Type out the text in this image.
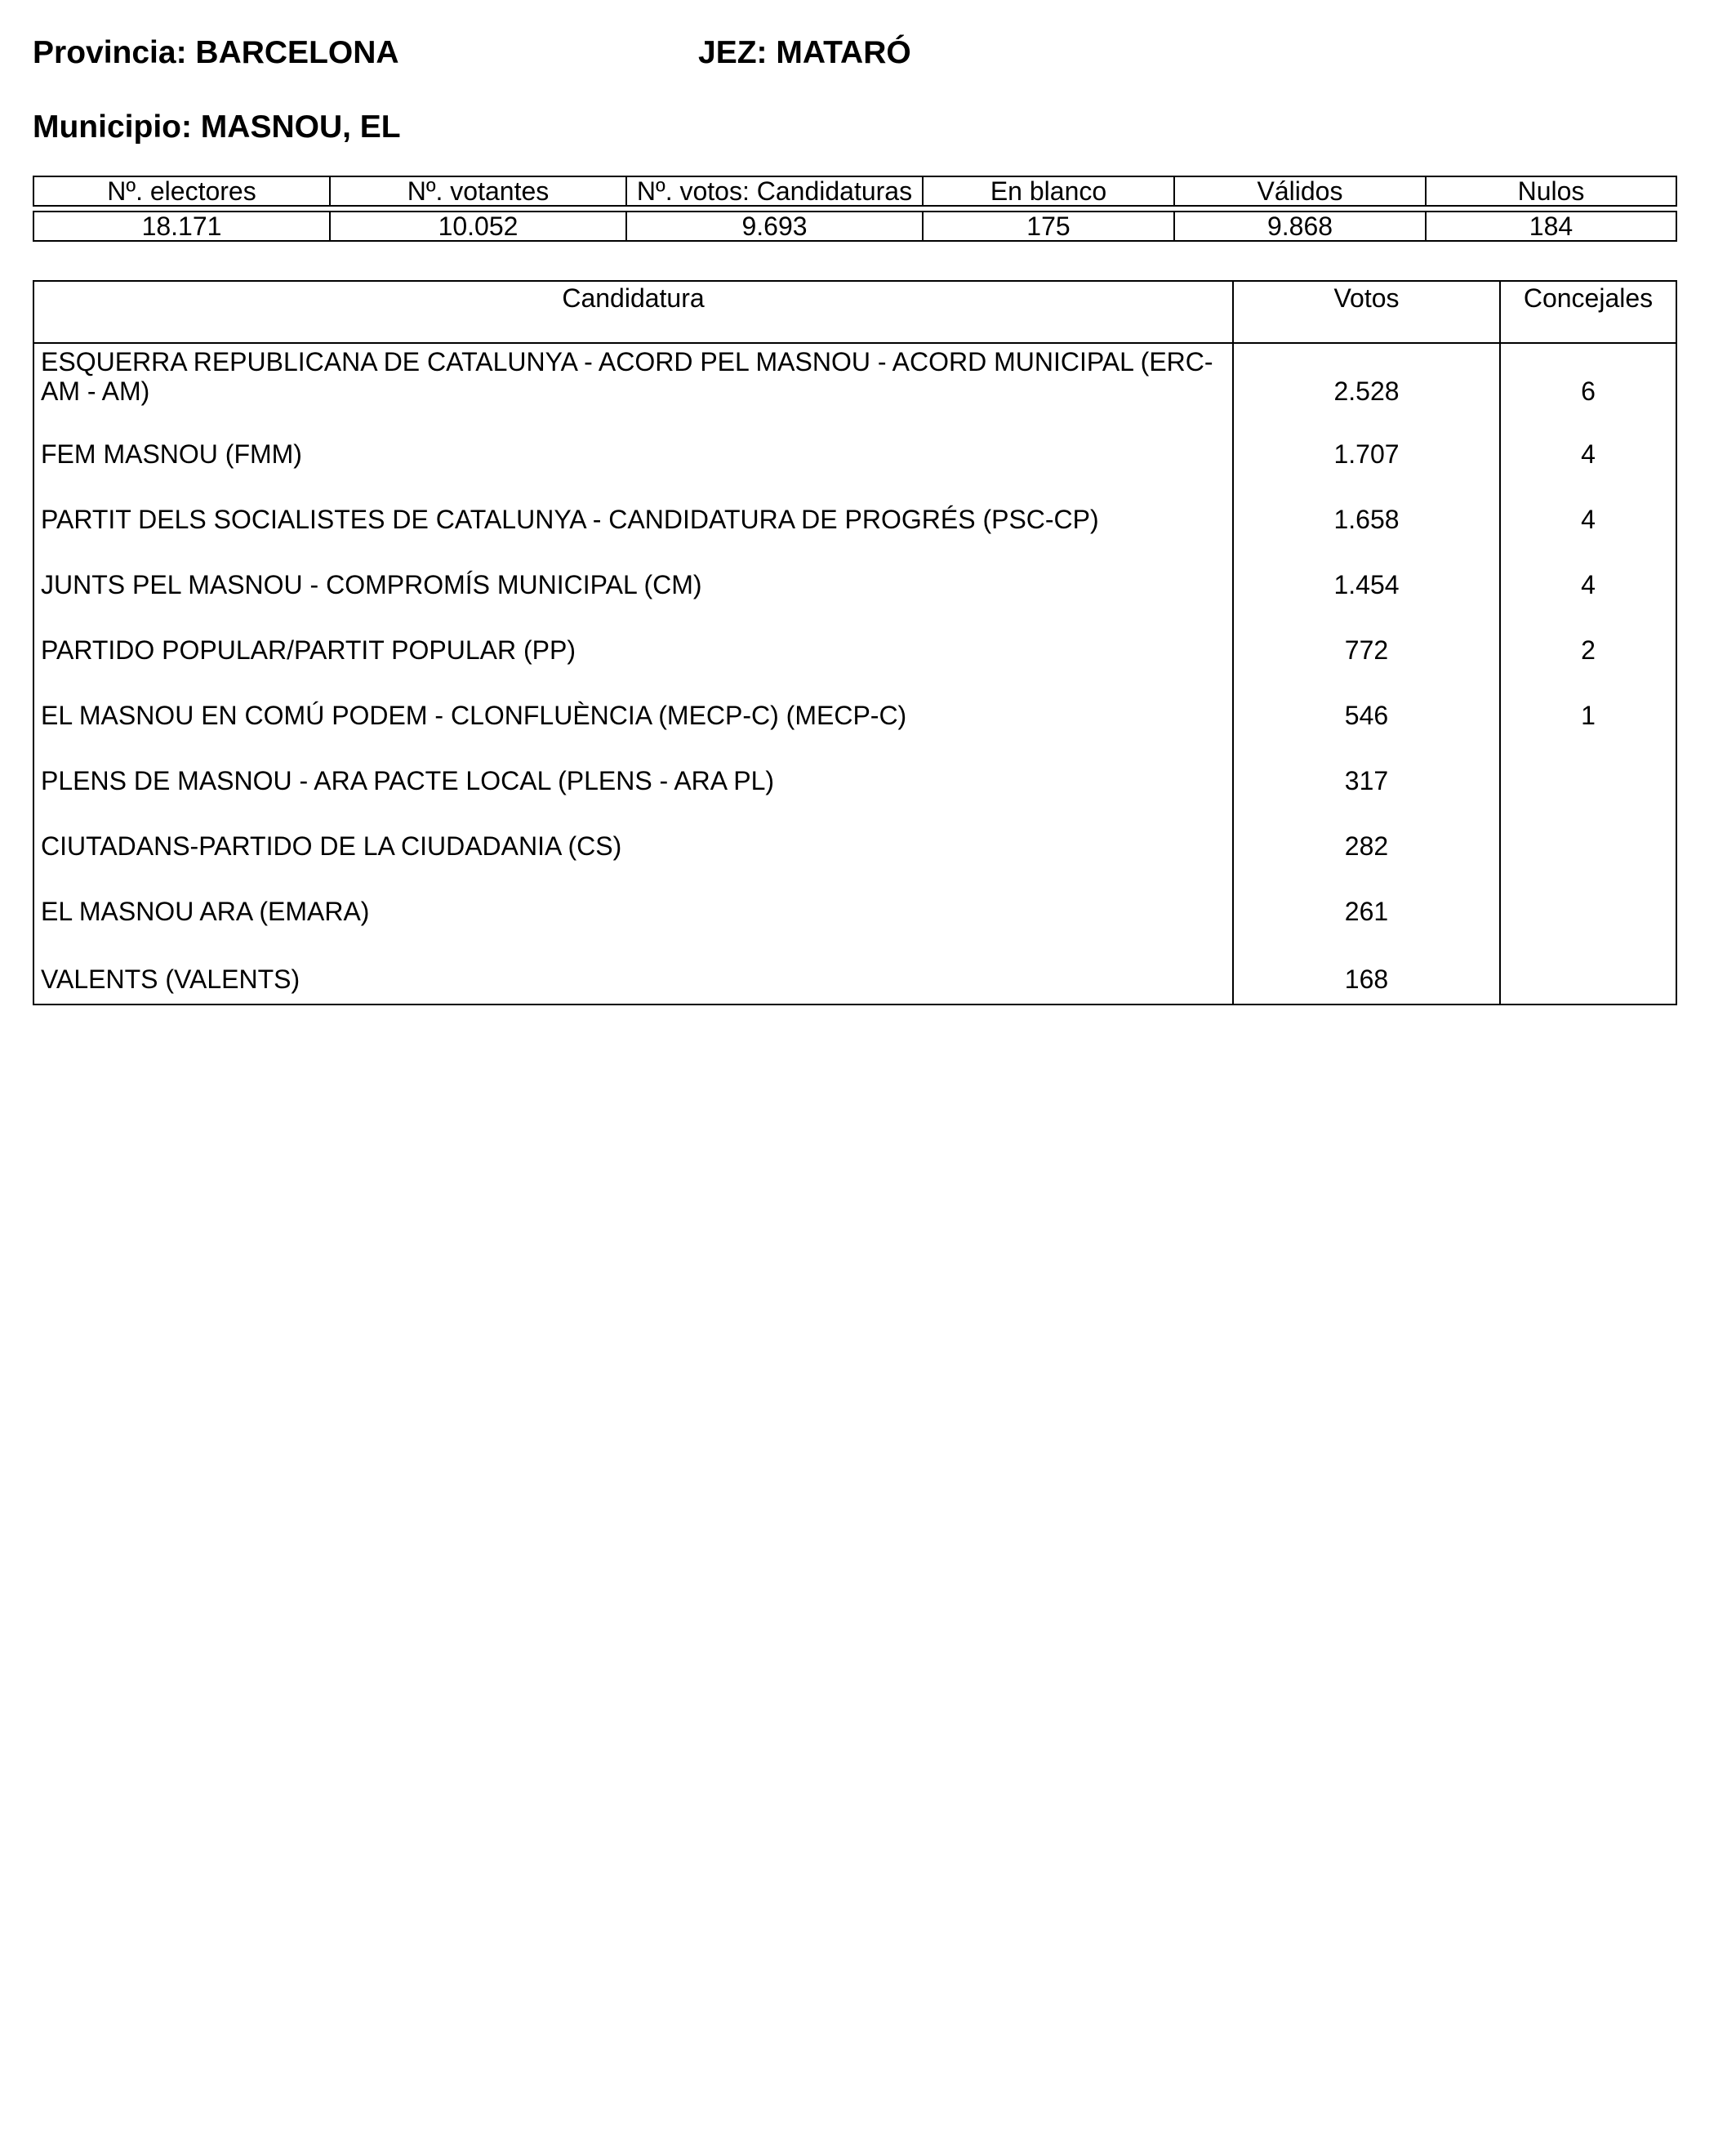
Provincia: BARCELONA	JEZ: MATARÓ
Municipio: MASNOU, EL
Nº. electores	Nº. votantes	Nº. votos: Candidaturas	En blanco	Válidos	Nulos

18.171	10.052	9.693	175	9.868	184
Candidatura	Votos	Concejales
ESQUERRA REPUBLICANA DE CATALUNYA - ACORD PEL MASNOU - ACORD MUNICIPAL (ERC-AM - AM)	2.528	6
FEM MASNOU (FMM)	1.707	4
PARTIT DELS SOCIALISTES DE CATALUNYA - CANDIDATURA DE PROGRÉS (PSC-CP)	1.658	4
JUNTS PEL MASNOU - COMPROMÍS MUNICIPAL (CM)	1.454	4
PARTIDO POPULAR/PARTIT POPULAR (PP)	772	2
EL MASNOU EN COMÚ PODEM - CLONFLUÈNCIA (MECP-C) (MECP-C)	546	1
PLENS DE MASNOU - ARA PACTE LOCAL (PLENS - ARA PL)	317	
CIUTADANS-PARTIDO DE LA CIUDADANIA (CS)	282	
EL MASNOU ARA (EMARA)	261	
VALENTS (VALENTS)	168	
